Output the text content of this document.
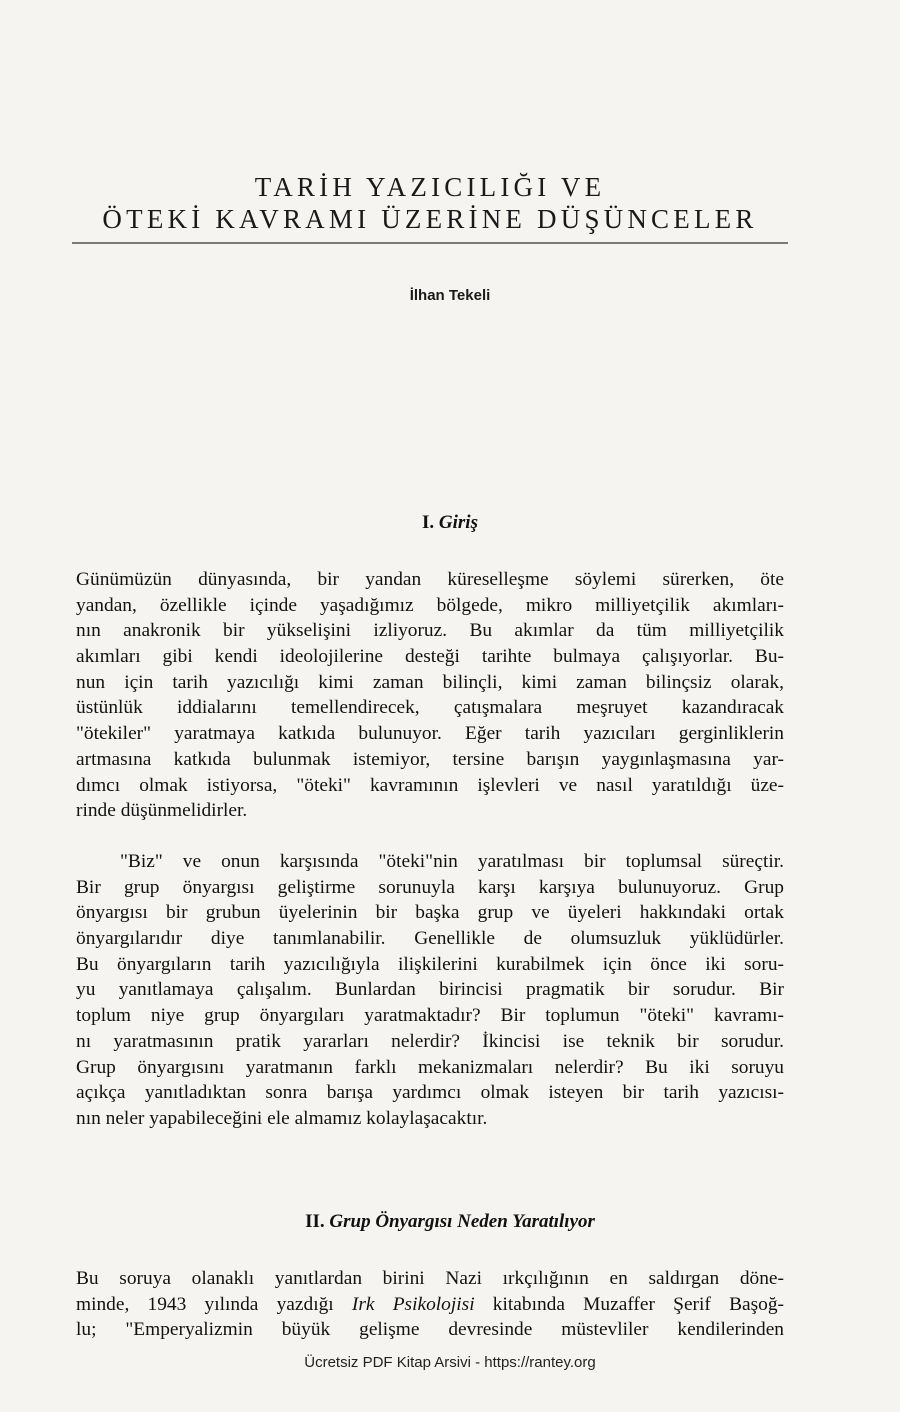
TARİH YAZICILIĞI VE
ÖTEKİ KAVRAMI ÜZERİNE DÜŞÜNCELER
İlhan Tekeli
I. Giriş
Günümüzün dünyasında, bir yandan küreselleşme söylemi sürerken, öte
yandan, özellikle içinde yaşadığımız bölgede, mikro milliyetçilik akımları-
nın anakronik bir yükselişini izliyoruz. Bu akımlar da tüm milliyetçilik
akımları gibi kendi ideolojilerine desteği tarihte bulmaya çalışıyorlar. Bu-
nun için tarih yazıcılığı kimi zaman bilinçli, kimi zaman bilinçsiz olarak,
üstünlük iddialarını temellendirecek, çatışmalara meşruyet kazandıracak
"ötekiler" yaratmaya katkıda bulunuyor. Eğer tarih yazıcıları gerginliklerin
artmasına katkıda bulunmak istemiyor, tersine barışın yaygınlaşmasına yar-
dımcı olmak istiyorsa, "öteki" kavramının işlevleri ve nasıl yaratıldığı üze-
rinde düşünmelidirler.
"Biz" ve onun karşısında "öteki"nin yaratılması bir toplumsal süreçtir.
Bir grup önyargısı geliştirme sorunuyla karşı karşıya bulunuyoruz. Grup
önyargısı bir grubun üyelerinin bir başka grup ve üyeleri hakkındaki ortak
önyargılarıdır diye tanımlanabilir. Genellikle de olumsuzluk yüklüdürler.
Bu önyargıların tarih yazıcılığıyla ilişkilerini kurabilmek için önce iki soru-
yu yanıtlamaya çalışalım. Bunlardan birincisi pragmatik bir sorudur. Bir
toplum niye grup önyargıları yaratmaktadır? Bir toplumun "öteki" kavramı-
nı yaratmasının pratik yararları nelerdir? İkincisi ise teknik bir sorudur.
Grup önyargısını yaratmanın farklı mekanizmaları nelerdir? Bu iki soruyu
açıkça yanıtladıktan sonra barışa yardımcı olmak isteyen bir tarih yazıcısı-
nın neler yapabileceğini ele almamız kolaylaşacaktır.
II. Grup Önyargısı Neden Yaratılıyor
Bu soruya olanaklı yanıtlardan birini Nazi ırkçılığının en saldırgan döne-
minde, 1943 yılında yazdığı Irk Psikolojisi kitabında Muzaffer Şerif Başoğ-
lu; "Emperyalizmin büyük gelişme devresinde müstevliler kendilerinden
Ücretsiz PDF Kitap Arsivi - https://rantey.org
